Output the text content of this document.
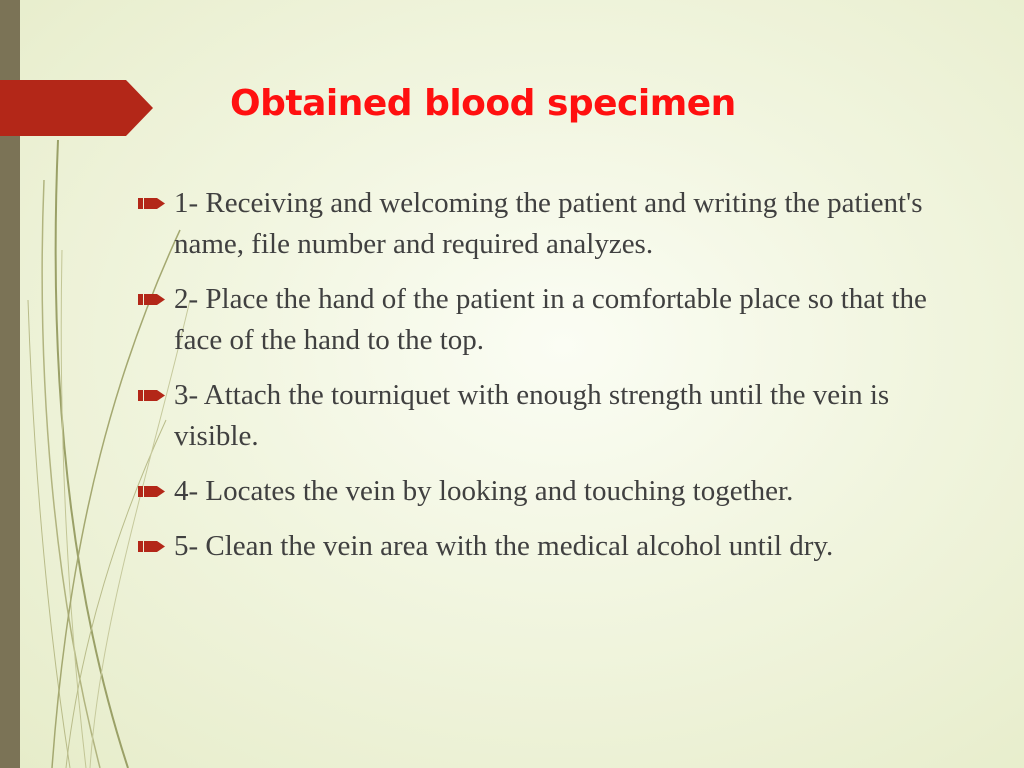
Obtained blood specimen
1- Receiving and welcoming the patient and writing the patient's name, file number and required analyzes.
2- Place the hand of the patient in a comfortable place so that the face of the hand to the top.
3- Attach the tourniquet with enough strength until the vein is visible.
4- Locates the vein by looking and touching together.
5- Clean the vein area with the medical alcohol until dry.
